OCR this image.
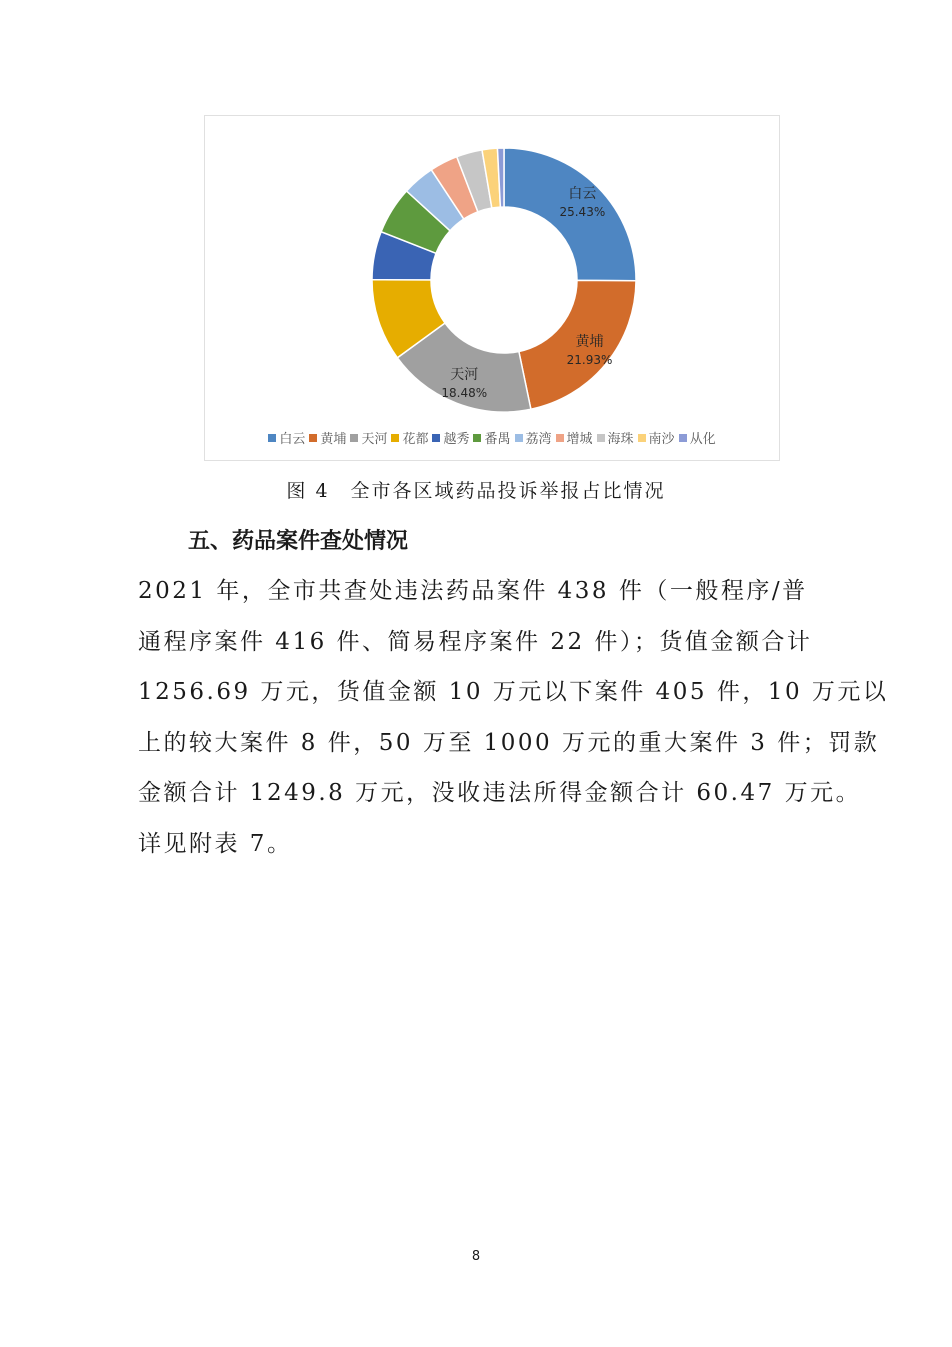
白云
25.43%
黄埔
21.93%
天河
18.48%
白云 黄埔 天河 花都 越秀 番禺 荔湾 增城 海珠 南沙 从化
图 4　全市各区域药品投诉举报占比情况
五、药品案件查处情况
2021 年，全市共查处违法药品案件 438 件（一般程序/普
通程序案件 416 件、简易程序案件 22 件）；货值金额合计
1256.69 万元，货值金额 10 万元以下案件 405 件，10 万元以
上的较大案件 8 件，50 万至 1000 万元的重大案件 3 件；罚款
金额合计 1249.8 万元，没收违法所得金额合计 60.47 万元。
详见附表 7。
8
